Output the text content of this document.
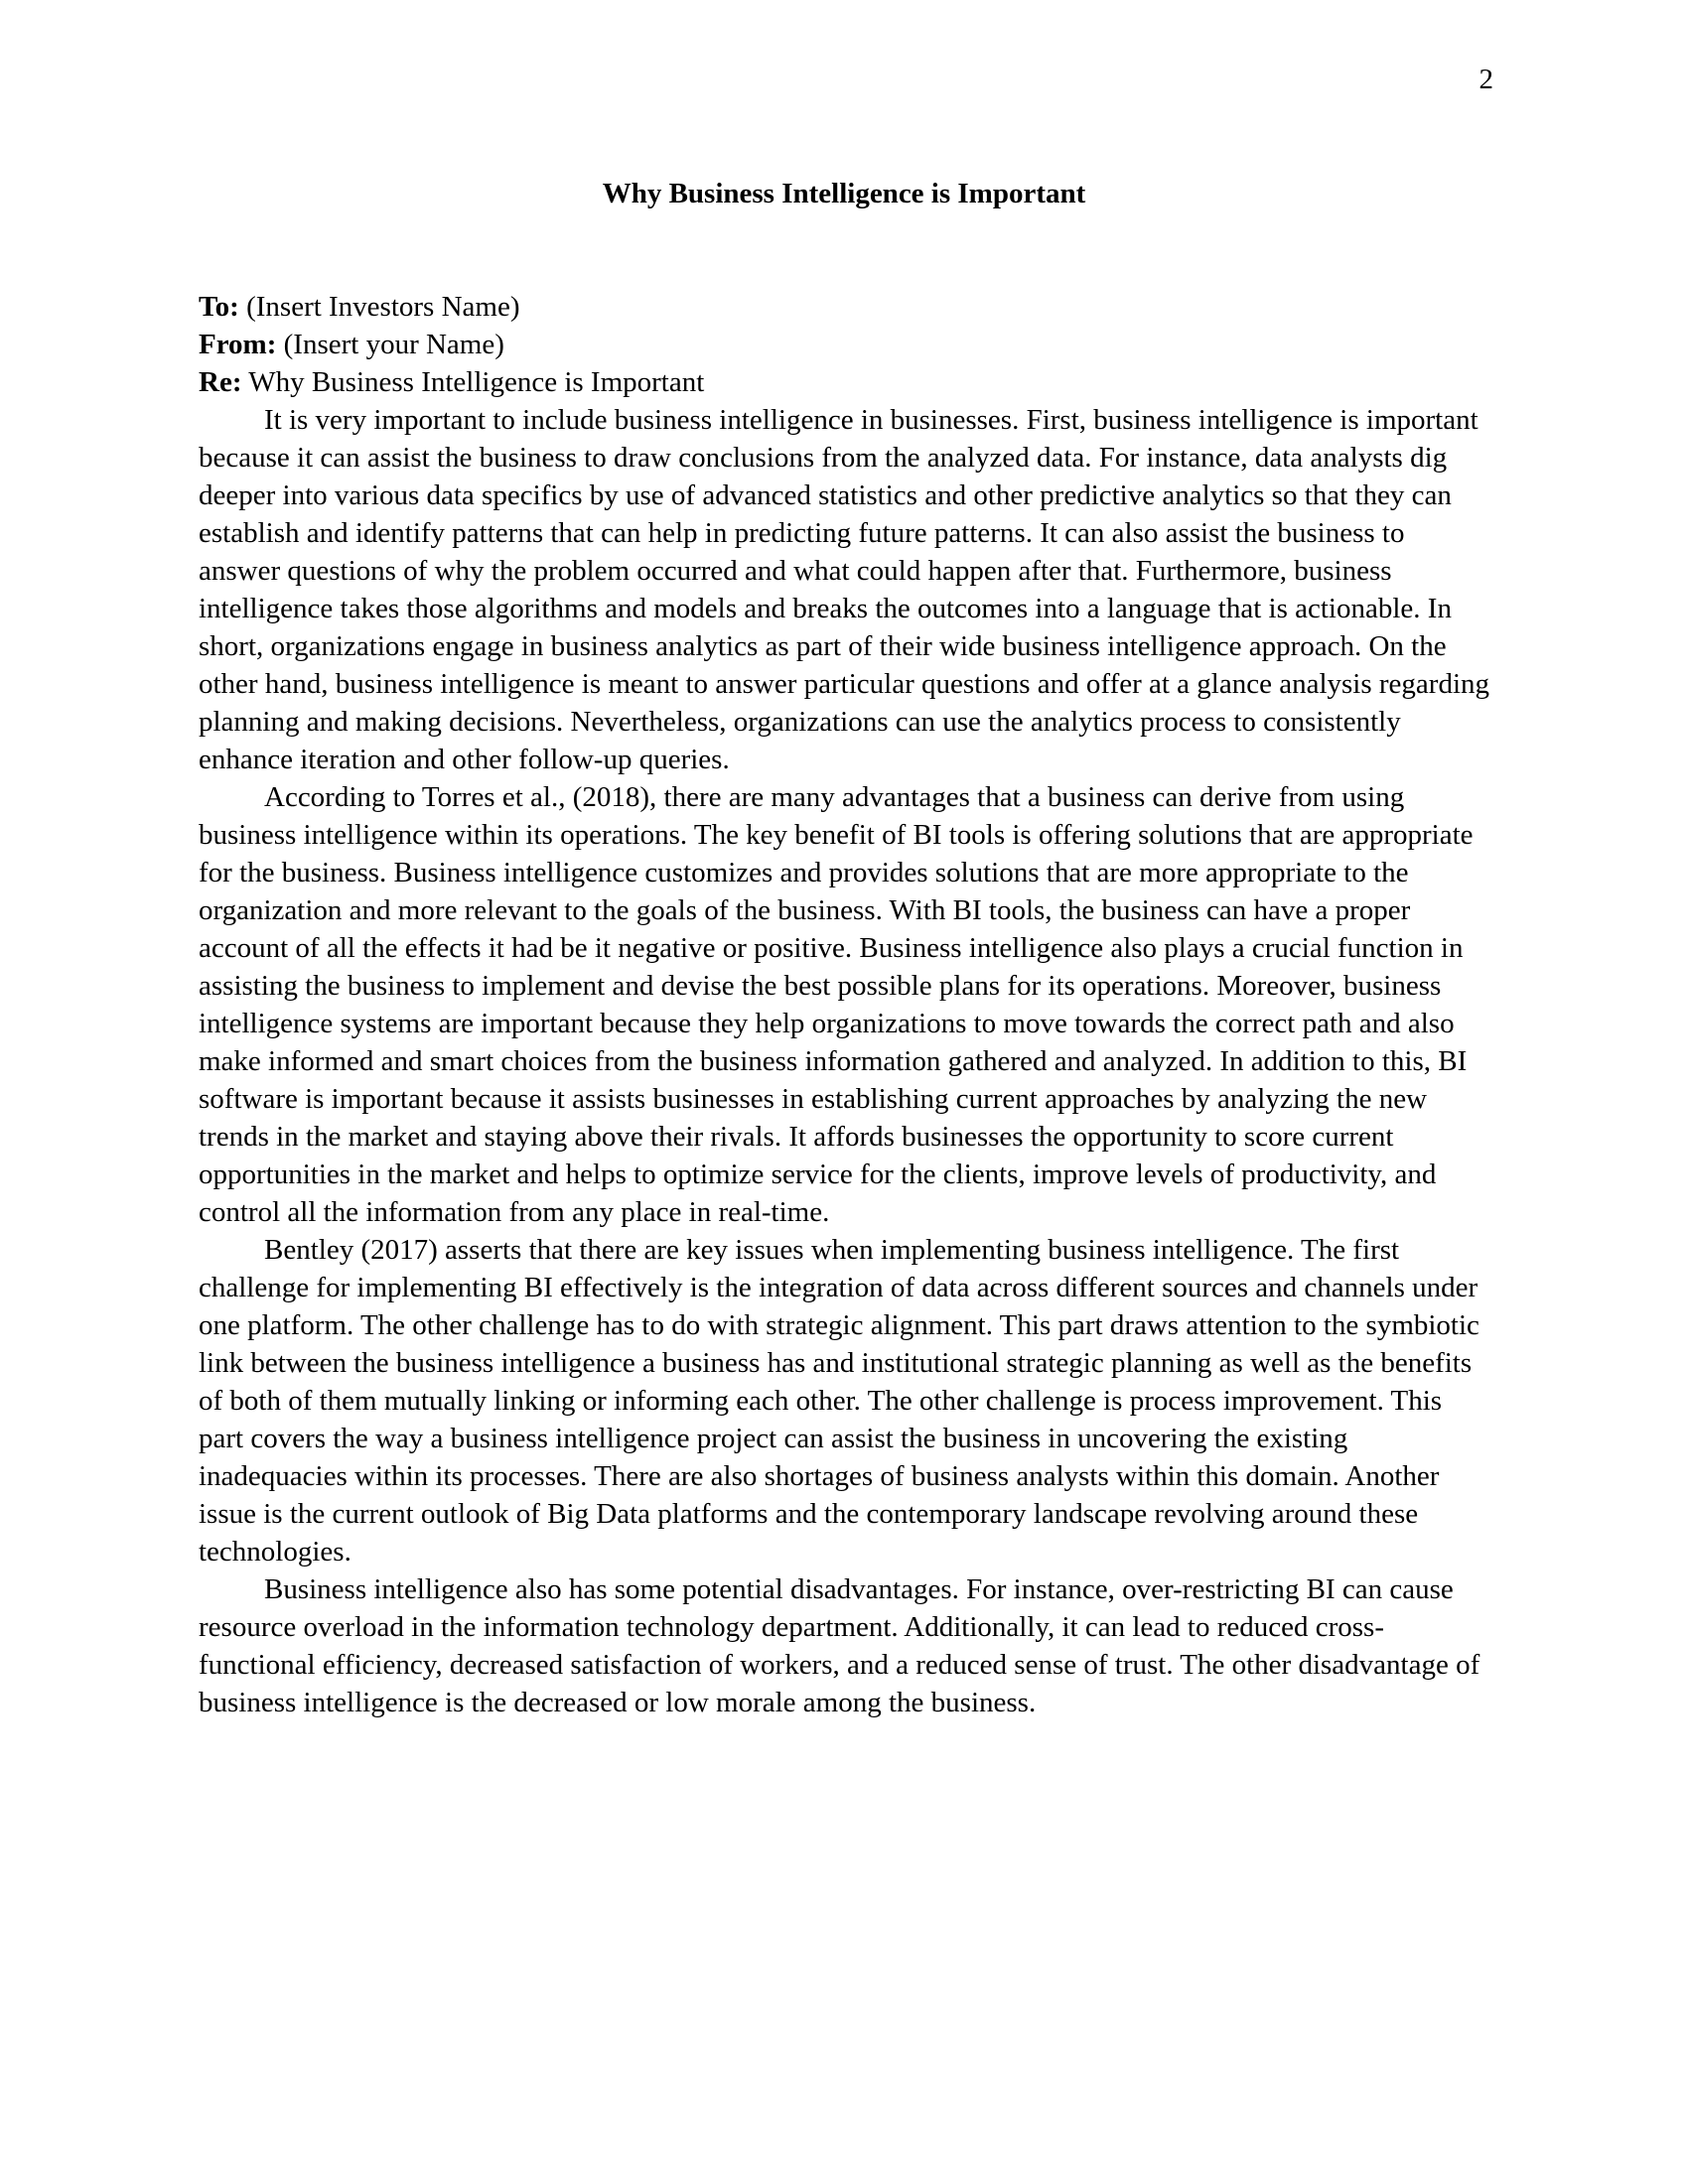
2
Why Business Intelligence is Important
To: (Insert Investors Name)
From: (Insert your Name)
Re: Why Business Intelligence is Important

It is very important to include business intelligence in businesses. First, business intelligence is important because it can assist the business to draw conclusions from the analyzed data. For instance, data analysts dig deeper into various data specifics by use of advanced statistics and other predictive analytics so that they can establish and identify patterns that can help in predicting future patterns. It can also assist the business to answer questions of why the problem occurred and what could happen after that. Furthermore, business intelligence takes those algorithms and models and breaks the outcomes into a language that is actionable. In short, organizations engage in business analytics as part of their wide business intelligence approach. On the other hand, business intelligence is meant to answer particular questions and offer at a glance analysis regarding planning and making decisions. Nevertheless, organizations can use the analytics process to consistently enhance iteration and other follow-up queries.

According to Torres et al., (2018), there are many advantages that a business can derive from using business intelligence within its operations. The key benefit of BI tools is offering solutions that are appropriate for the business. Business intelligence customizes and provides solutions that are more appropriate to the organization and more relevant to the goals of the business. With BI tools, the business can have a proper account of all the effects it had be it negative or positive. Business intelligence also plays a crucial function in assisting the business to implement and devise the best possible plans for its operations. Moreover, business intelligence systems are important because they help organizations to move towards the correct path and also make informed and smart choices from the business information gathered and analyzed. In addition to this, BI software is important because it assists businesses in establishing current approaches by analyzing the new trends in the market and staying above their rivals. It affords businesses the opportunity to score current opportunities in the market and helps to optimize service for the clients, improve levels of productivity, and control all the information from any place in real-time.

Bentley (2017) asserts that there are key issues when implementing business intelligence. The first challenge for implementing BI effectively is the integration of data across different sources and channels under one platform. The other challenge has to do with strategic alignment. This part draws attention to the symbiotic link between the business intelligence a business has and institutional strategic planning as well as the benefits of both of them mutually linking or informing each other. The other challenge is process improvement. This part covers the way a business intelligence project can assist the business in uncovering the existing inadequacies within its processes. There are also shortages of business analysts within this domain. Another issue is the current outlook of Big Data platforms and the contemporary landscape revolving around these technologies.

Business intelligence also has some potential disadvantages. For instance, over-restricting BI can cause resource overload in the information technology department. Additionally, it can lead to reduced cross-functional efficiency, decreased satisfaction of workers, and a reduced sense of trust. The other disadvantage of business intelligence is the decreased or low morale among the business.
